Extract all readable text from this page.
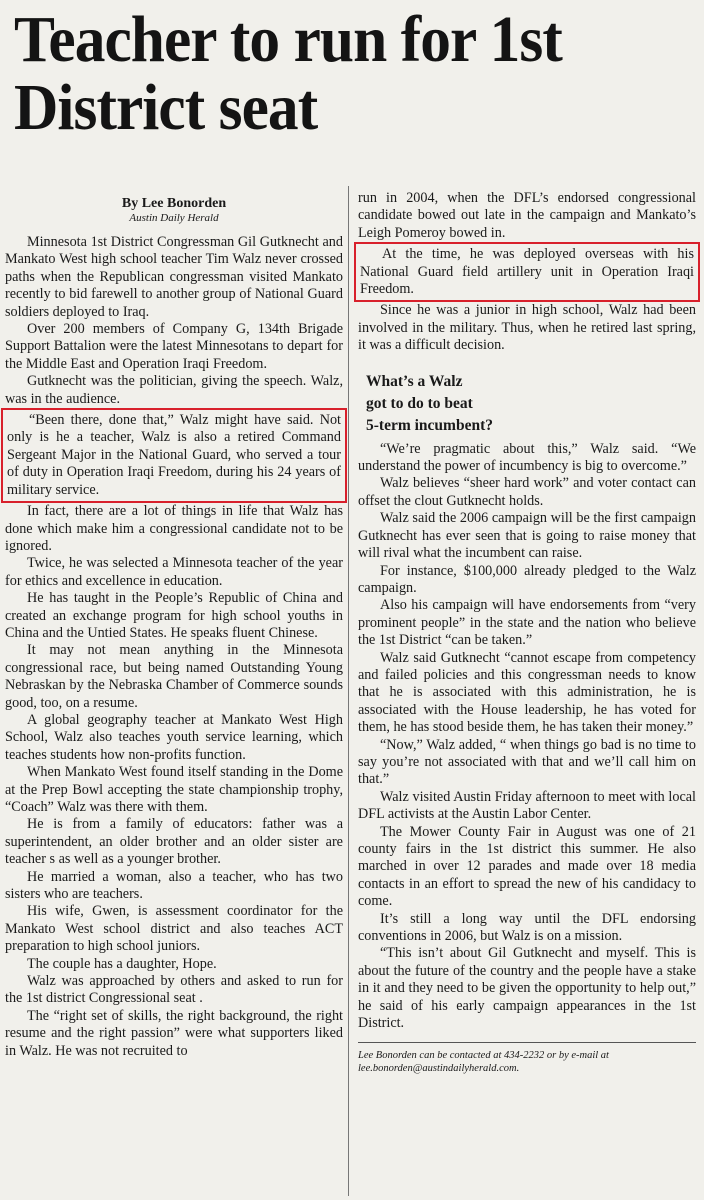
Teacher to run for 1st District seat
By Lee Bonorden
Austin Daily Herald

Minnesota 1st District Congressman Gil Gutknecht and Mankato West high school teacher Tim Walz never crossed paths when the Republican congressman visited Mankato recently to bid farewell to another group of National Guard soldiers deployed to Iraq.

Over 200 members of Company G, 134th Brigade Support Battalion were the latest Minnesotans to depart for the Middle East and Operation Iraqi Freedom.

Gutknecht was the politician, giving the speech. Walz, was in the audience.

“Been there, done that,” Walz might have said. Not only is he a teacher, Walz is also a retired Command Sergeant Major in the National Guard, who served a tour of duty in Operation Iraqi Freedom, during his 24 years of military service.

In fact, there are a lot of things in life that Walz has done which make him a congressional candidate not to be ignored.

Twice, he was selected a Minnesota teacher of the year for ethics and excellence in education.

He has taught in the People’s Republic of China and created an exchange program for high school youths in China and the Untied States. He speaks fluent Chinese.

It may not mean anything in the Minnesota congressional race, but being named Outstanding Young Nebraskan by the Nebraska Chamber of Commerce sounds good, too, on a resume.

A global geography teacher at Mankato West High School, Walz also teaches youth service learning, which teaches students how non-profits function.

When Mankato West found itself standing in the Dome at the Prep Bowl accepting the state championship trophy, “Coach” Walz was there with them.

He is from a family of educators: father was a superintendent, an older brother and an older sister are teacher s as well as a younger brother.

He married a woman, also a teacher, who has two sisters who are teachers.

His wife, Gwen, is assessment coordinator for the Mankato West school district and also teaches ACT preparation to high school juniors.

The couple has a daughter, Hope.

Walz was approached by others and asked to run for the 1st district Congressional seat .

The “right set of skills, the right background, the right resume and the right passion” were what supporters liked in Walz. He was not recruited to

run in 2004, when the DFL’s endorsed congressional candidate bowed out late in the campaign and Mankato’s Leigh Pomeroy bowed in.

At the time, he was deployed overseas with his National Guard field artillery unit in Operation Iraqi Freedom.

Since he was a junior in high school, Walz had been involved in the military. Thus, when he retired last spring, it was a difficult decision.

What’s a Walz
got to do to beat
5-term incumbent?

“We’re pragmatic about this,” Walz said. “We understand the power of incumbency is big to overcome.”

Walz believes “sheer hard work” and voter contact can offset the clout Gutknecht holds.

Walz said the 2006 campaign will be the first campaign Gutknecht has ever seen that is going to raise money that will rival what the incumbent can raise.

For instance, $100,000 already pledged to the Walz campaign.

Also his campaign will have endorsements from “very prominent people” in the state and the nation who believe the 1st District “can be taken.”

Walz said Gutknecht “cannot escape from competency and failed policies and this congressman needs to know that he is associated with this administration, he is associated with the House leadership, he has voted for them, he has stood beside them, he has taken their money.”

“Now,” Walz added, “ when things go bad is no time to say you’re not associated with that and we’ll call him on that.”

Walz visited Austin Friday afternoon to meet with local DFL activists at the Austin Labor Center.

The Mower County Fair in August was one of 21 county fairs in the 1st district this summer. He also marched in over 12 parades and made over 18 media contacts in an effort to spread the new of his candidacy to come.

It’s still a long way until the DFL endorsing conventions in 2006, but Walz is on a mission.

“This isn’t about Gil Gutknecht and myself. This is about the future of the country and the people have a stake in it and they need to be given the opportunity to help out,” he said of his early campaign appearances in the 1st District.

Lee Bonorden can be contacted at 434-2232 or by e-mail at lee.bonorden@austindailyherald.com.
